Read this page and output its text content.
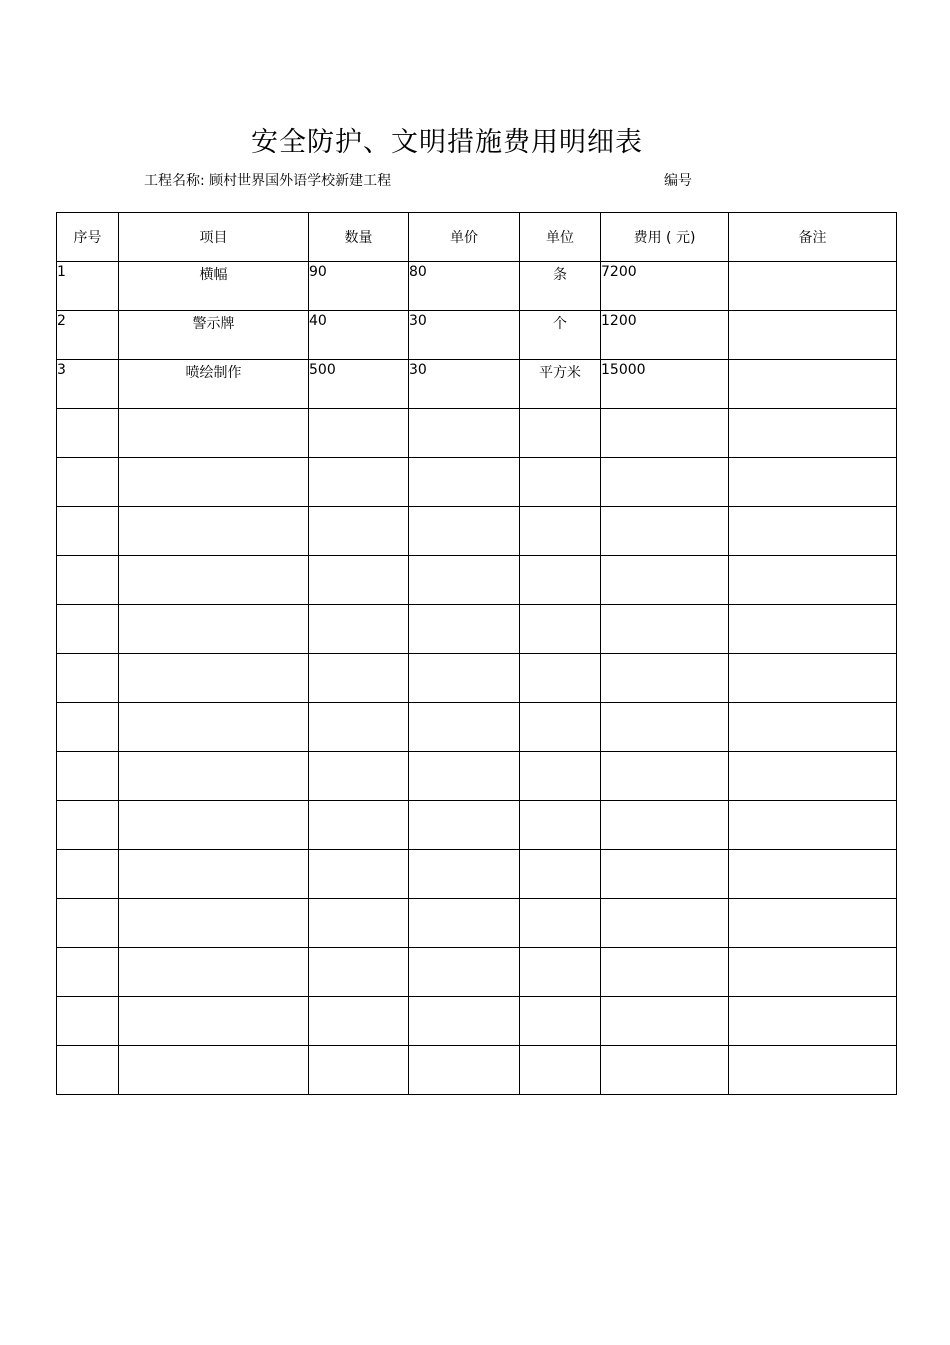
安全防护、文明措施费用明细表
工程名称: 顾村世界国外语学校新建工程	编号
序号	项目	数量	单价	单位	费用 ( 元)	备注
1	横幅	90	80	条	7200	
2	警示牌	40	30	个	1200	
3	喷绘制作	500	30	平方米	15000	
